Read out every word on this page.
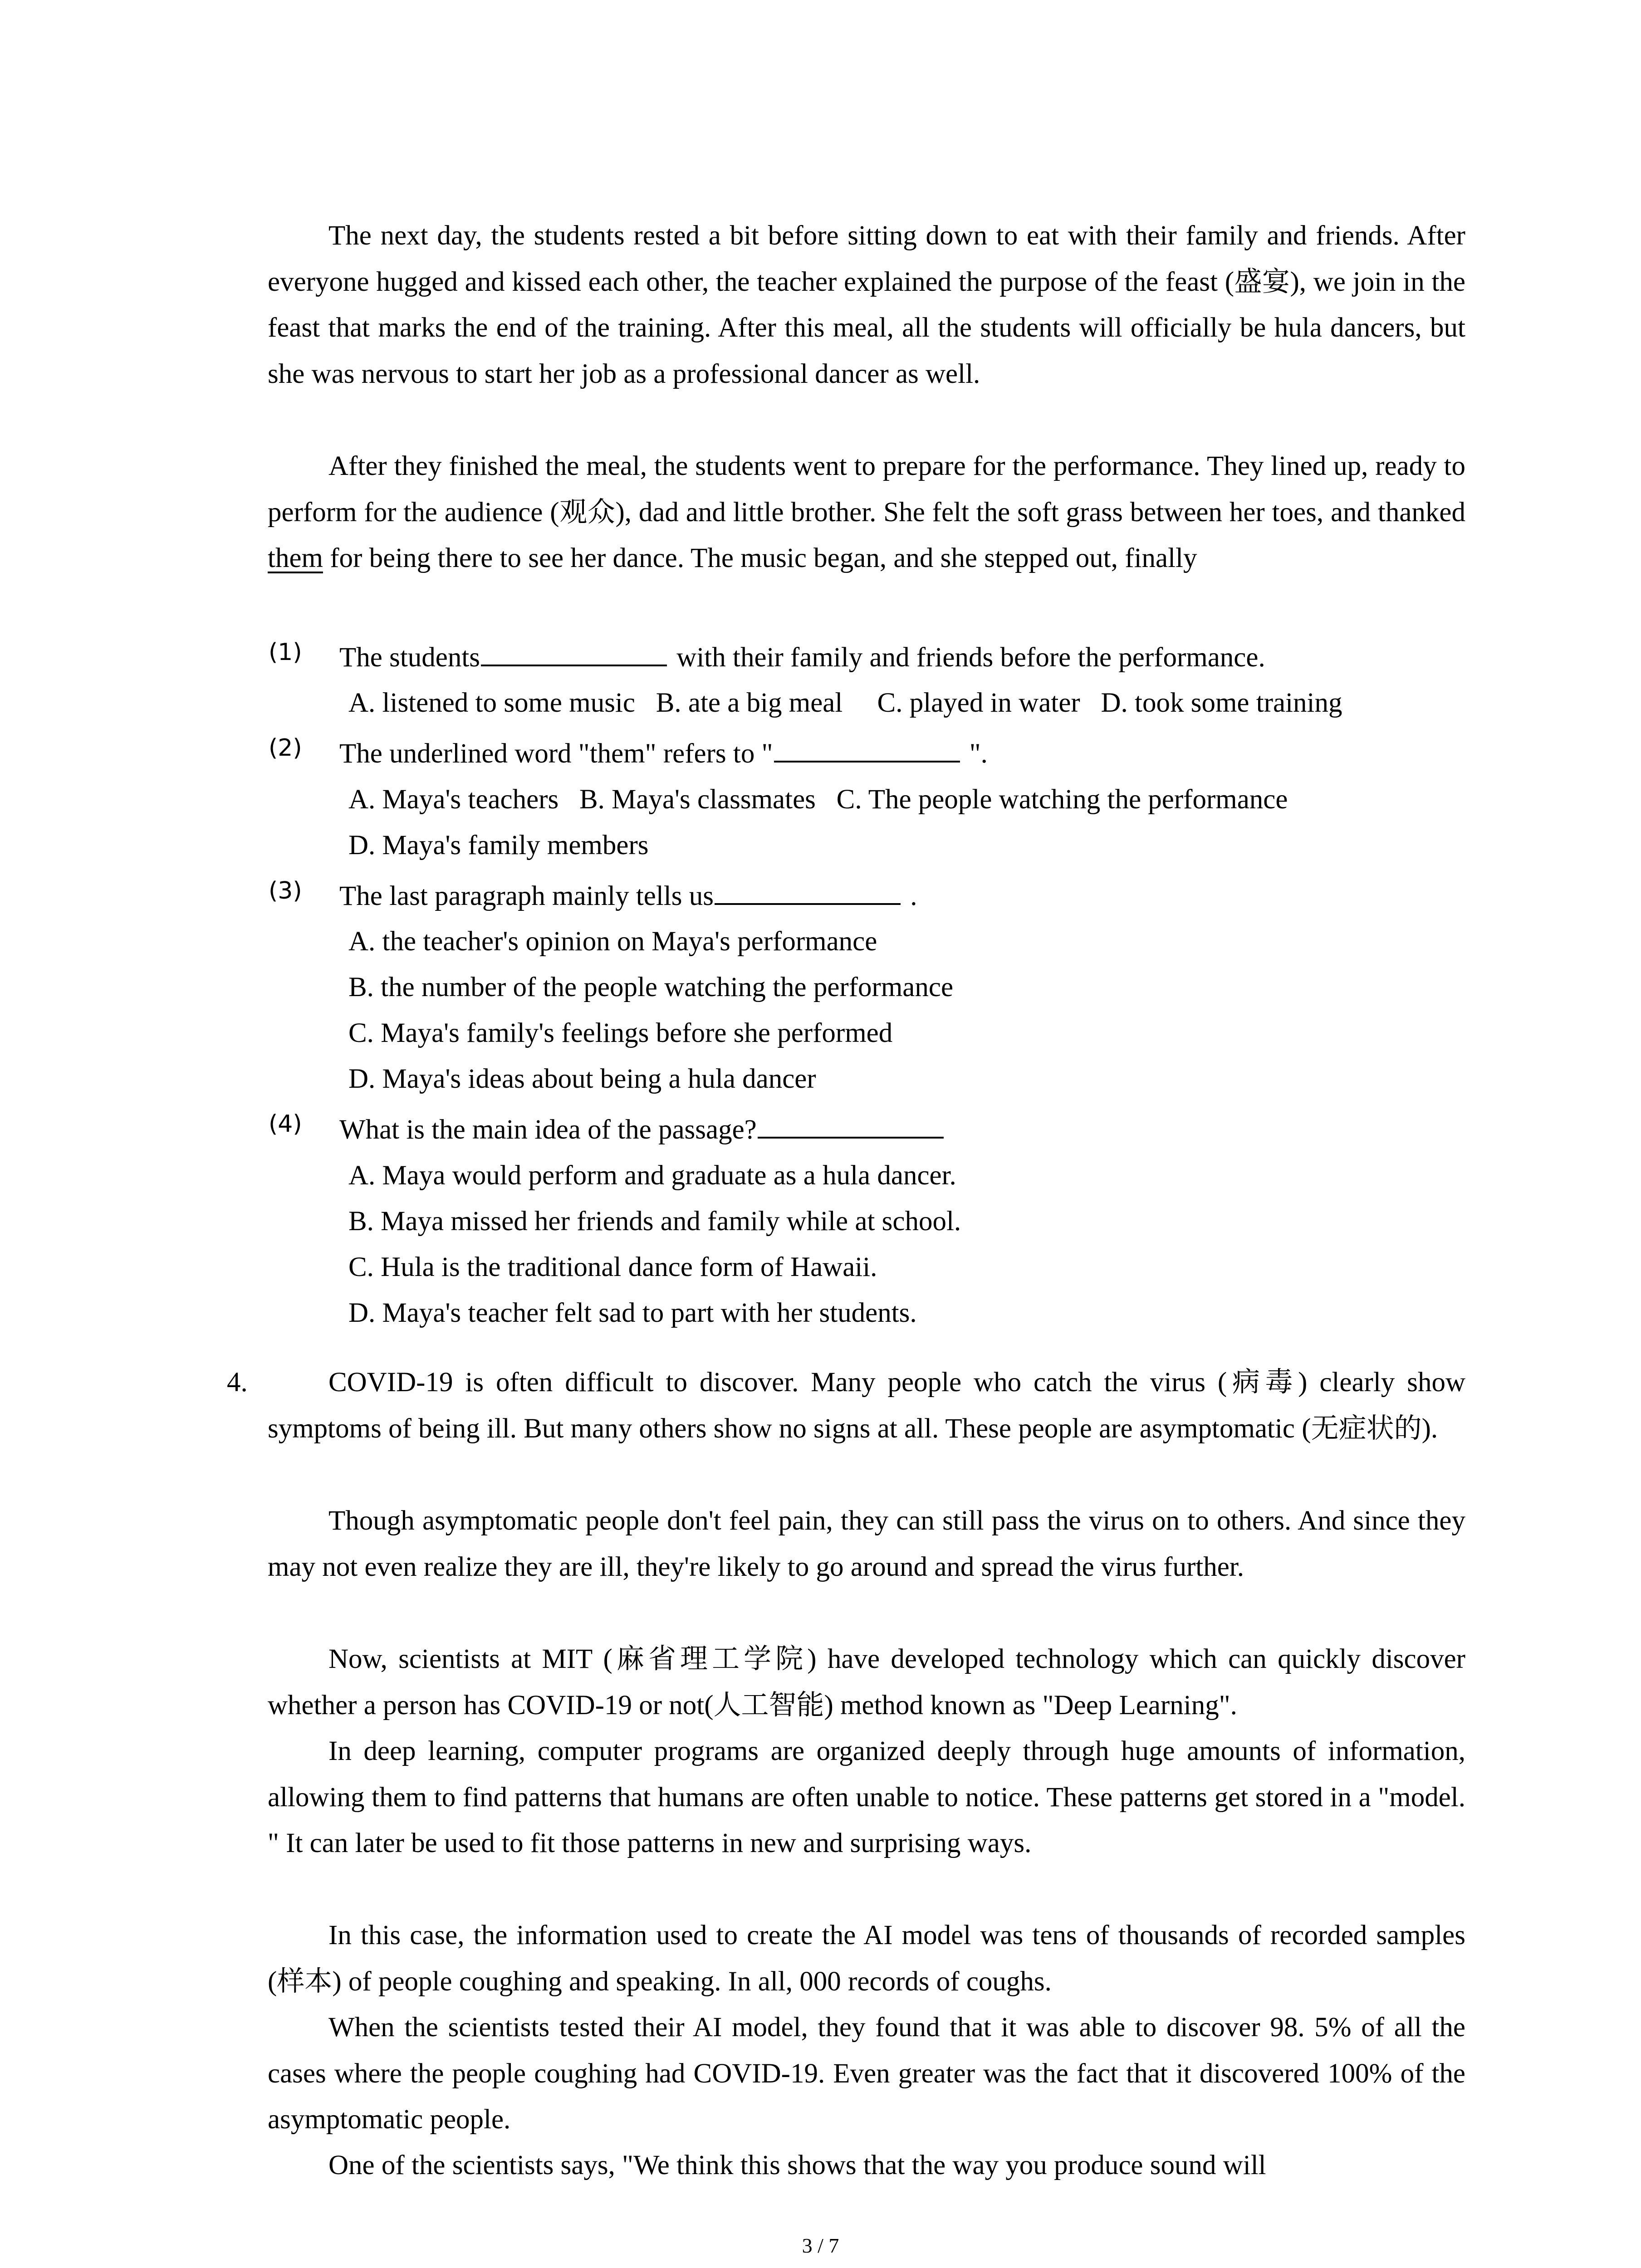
The next day, the students rested a bit before sitting down to eat with their family and friends. After everyone hugged and kissed each other, the teacher explained the purpose of the feast (盛宴), we join in the feast that marks the end of the training. After this meal, all the students will officially be hula dancers, but she was nervous to start her job as a professional dancer as well.

After they finished the meal, the students went to prepare for the performance. They lined up, ready to perform for the audience (观众), dad and little brother. She felt the soft grass between her toes, and thanked them for being there to see her dance. The music began, and she stepped out, finally

(1) The students	with their family and friends before the performance.
A. listened to some music   B. ate a big meal     C. played in water   D. took some training
(2) The underlined word "them" refers to "	".
A. Maya's teachers   B. Maya's classmates   C. The people watching the performance
D. Maya's family members
(3) The last paragraph mainly tells us	.
A. the teacher's opinion on Maya's performance
B. the number of the people watching the performance
C. Maya's family's feelings before she performed
D. Maya's ideas about being a hula dancer
(4) What is the main idea of the passage?
A. Maya would perform and graduate as a hula dancer.
B. Maya missed her friends and family while at school.
C. Hula is the traditional dance form of Hawaii.
D. Maya's teacher felt sad to part with her students.
4.	COVID-19 is often difficult to discover. Many people who catch the virus (病毒) clearly show symptoms of being ill. But many others show no signs at all. These people are asymptomatic (无症状的).

Though asymptomatic people don't feel pain, they can still pass the virus on to others. And since they may not even realize they are ill, they're likely to go around and spread the virus further.

Now, scientists at MIT (麻省理工学院) have developed technology which can quickly discover whether a person has COVID-19 or not(人工智能) method known as "Deep Learning".

In deep learning, computer programs are organized deeply through huge amounts of information, allowing them to find patterns that humans are often unable to notice. These patterns get stored in a "model. " It can later be used to fit those patterns in new and surprising ways.

In this case, the information used to create the AI model was tens of thousands of recorded samples (样本) of people coughing and speaking. In all, 000 records of coughs.

When the scientists tested their AI model, they found that it was able to discover 98. 5% of all the cases where the people coughing had COVID-19. Even greater was the fact that it discovered 100% of the asymptomatic people.

One of the scientists says, "We think this shows that the way you produce sound will

3 / 7
